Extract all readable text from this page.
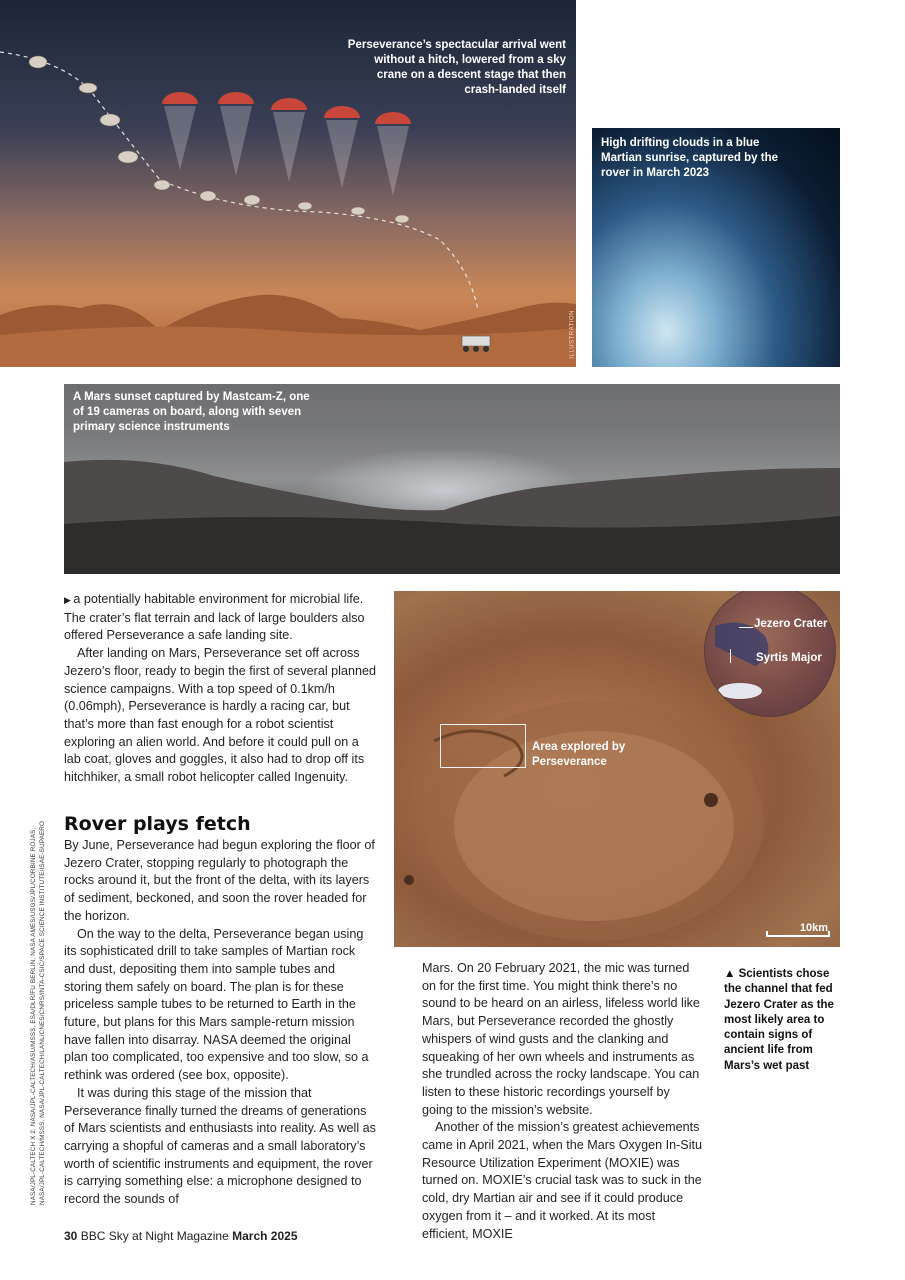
Perseverance’s spectacular arrival went without a hitch, lowered from a sky crane on a descent stage that then crash-landed itself
ILLUSTRATION
High drifting clouds in a blue Martian sunrise, captured by the rover in March 2023
A Mars sunset captured by Mastcam-Z, one of 19 cameras on board, along with seven primary science instruments

▶ a potentially habitable environment for microbial life. The crater’s flat terrain and lack of large boulders also offered Perseverance a safe landing site.

After landing on Mars, Perseverance set off across Jezero’s floor, ready to begin the first of several planned science campaigns. With a top speed of 0.1km/h (0.06mph), Perseverance is hardly a racing car, but that’s more than fast enough for a robot scientist exploring an alien world. And before it could pull on a lab coat, gloves and goggles, it also had to drop off its hitchhiker, a small robot helicopter called Ingenuity.

Rover plays fetch

By June, Perseverance had begun exploring the floor of Jezero Crater, stopping regularly to photograph the rocks around it, but the front of the delta, with its layers of sediment, beckoned, and soon the rover headed for the horizon.

On the way to the delta, Perseverance began using its sophisticated drill to take samples of Martian rock and dust, depositing them into sample tubes and storing them safely on board. The plan is for these priceless sample tubes to be returned to Earth in the future, but plans for this Mars sample-return mission have fallen into disarray. NASA deemed the original plan too complicated, too expensive and too slow, so a rethink was ordered (see box, opposite).

It was during this stage of the mission that Perseverance finally turned the dreams of generations of Mars scientists and enthusiasts into reality. As well as carrying a shopful of cameras and a small laboratory’s worth of scientific instruments and equipment, the rover is carrying something else: a microphone designed to record the sounds of

Jezero Crater
Syrtis Major
Area explored by Perseverance
10km

Mars. On 20 February 2021, the mic was turned on for the first time. You might think there’s no sound to be heard on an airless, lifeless world like Mars, but Perseverance recorded the ghostly whispers of wind gusts and the clanking and squeaking of her own wheels and instruments as she trundled across the rocky landscape. You can listen to these historic recordings yourself by going to the mission’s website.

Another of the mission’s greatest achievements came in April 2021, when the Mars Oxygen In-Situ Resource Utilization Experiment (MOXIE) was turned on. MOXIE’s crucial task was to suck in the cold, dry Martian air and see if it could produce oxygen from it – and it worked. At its most efficient, MOXIE

▲ Scientists chose the channel that fed Jezero Crater as the most likely area to contain signs of ancient life from Mars’s wet past
NASA/JPL-CALTECH X 2, NASA/JPL-CALTECH/ASU/MSSS, ESA/DLR/FU BERLIN, NASA AMES/USGS/JPL/CORBINE ROJAS, NASA/JPL-CALTECH/MSSS, NASA/JPL-CALTECH/LANL/CNES/CNRS/INTA-CSIC/SPACE SCIENCE INSTITUTE/ISAE-SUPAERO
30 BBC Sky at Night Magazine March 2025
